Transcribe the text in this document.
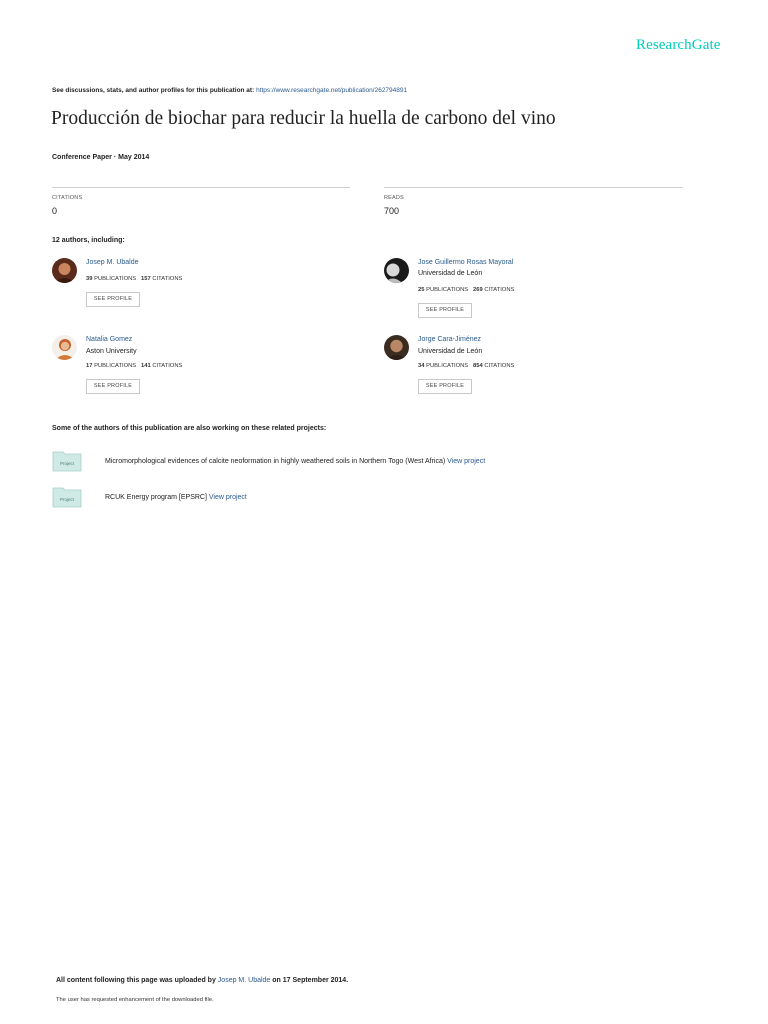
ResearchGate
See discussions, stats, and author profiles for this publication at: https://www.researchgate.net/publication/262794891
Producción de biochar para reducir la huella de carbono del vino
Conference Paper · May 2014
CITATIONS
0
READS
700
12 authors, including:
Josep M. Ubalde
39 PUBLICATIONS 157 CITATIONS
SEE PROFILE
Jose Guillermo Rosas Mayoral
Universidad de León
25 PUBLICATIONS 269 CITATIONS
SEE PROFILE
Natalia Gomez
Aston University
17 PUBLICATIONS 141 CITATIONS
SEE PROFILE
Jorge Cara-Jiménez
Universidad de León
34 PUBLICATIONS 854 CITATIONS
SEE PROFILE
Some of the authors of this publication are also working on these related projects:
Project	Micromorphological evidences of calcite neoformation in highly weathered soils in Northern Togo (West Africa) View project
Project	RCUK Energy program [EPSRC] View project
All content following this page was uploaded by Josep M. Ubalde on 17 September 2014.
The user has requested enhancement of the downloaded file.
